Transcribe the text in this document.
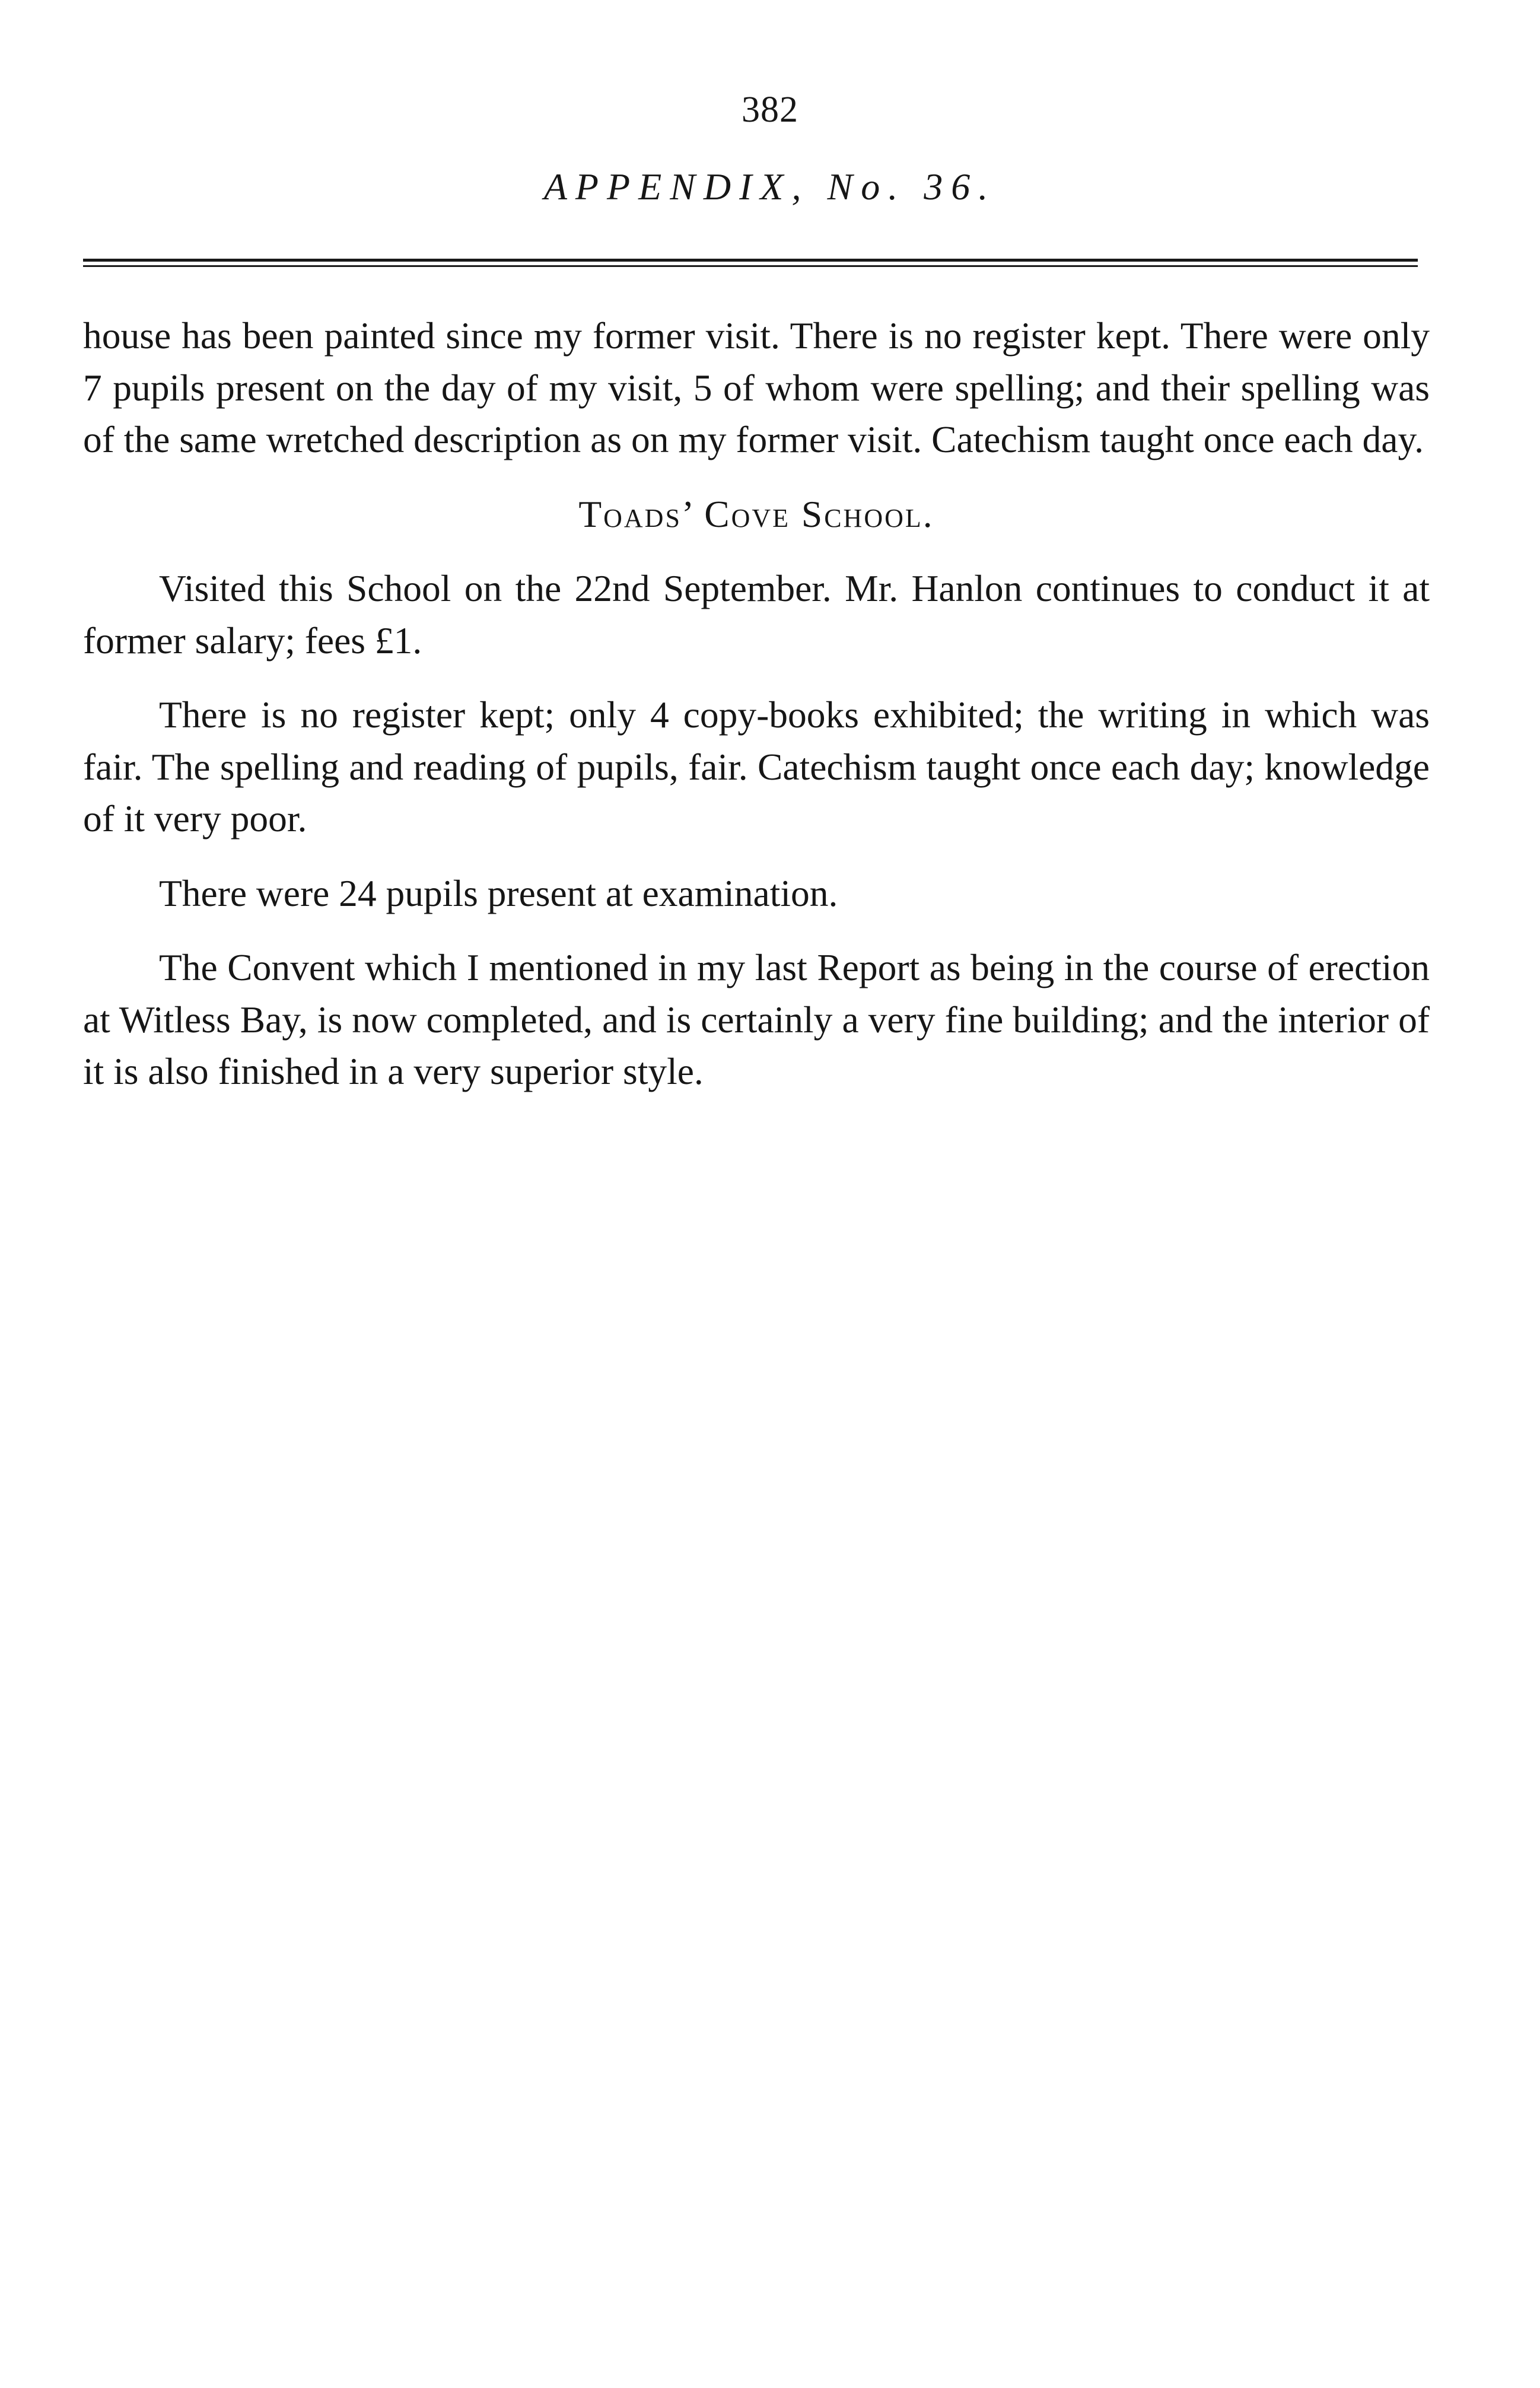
382
APPENDIX, No. 36.

house has been painted since my former visit. There is no register kept. There were only 7 pupils present on the day of my visit, 5 of whom were spelling; and their spelling was of the same wretched description as on my former visit. Catechism taught once each day.

Toads’ Cove School.

Visited this School on the 22nd September. Mr. Hanlon continues to conduct it at former salary; fees £1.

There is no register kept; only 4 copy-books exhibited; the writing in which was fair. The spelling and reading of pupils, fair. Catechism taught once each day; knowledge of it very poor.

There were 24 pupils present at examination.

The Convent which I mentioned in my last Report as being in the course of erection at Witless Bay, is now completed, and is certainly a very fine building; and the interior of it is also finished in a very superior style.
